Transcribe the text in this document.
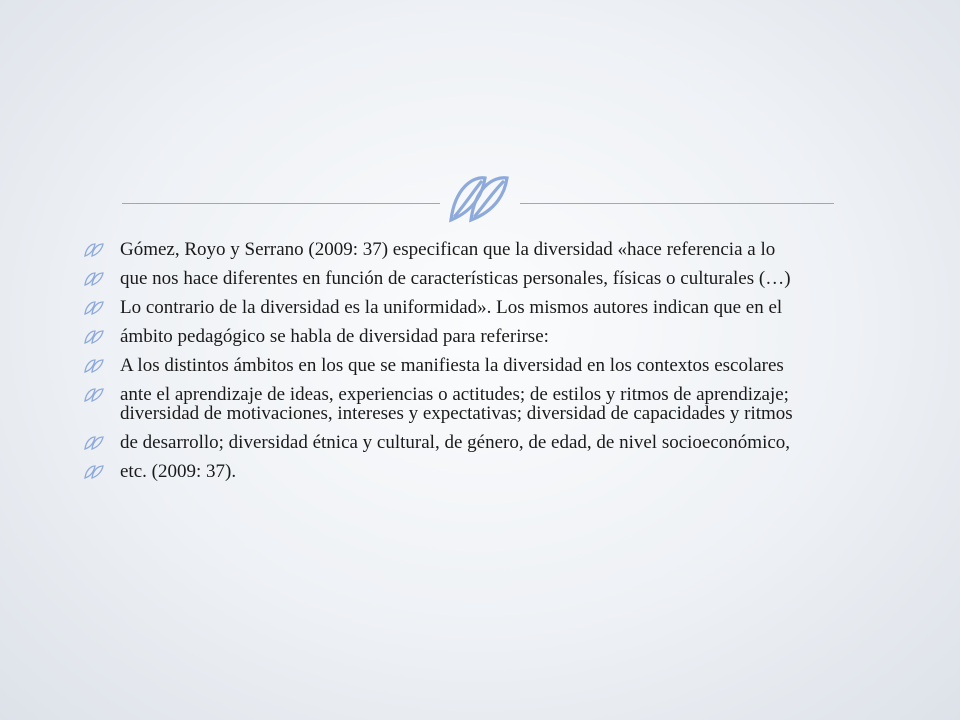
Gómez, Royo y Serrano (2009: 37) especifican que la diversidad «hace referencia a lo
que nos hace diferentes en función de características personales, físicas o culturales (…)
Lo contrario de la diversidad es la uniformidad». Los mismos autores indican que en el
ámbito pedagógico se habla de diversidad para referirse:
A los distintos ámbitos en los que se manifiesta la diversidad en los contextos escolares
ante el aprendizaje de ideas, experiencias o actitudes; de estilos y ritmos de aprendizaje; diversidad de motivaciones, intereses y expectativas; diversidad de capacidades y ritmos
de desarrollo; diversidad étnica y cultural, de género, de edad, de nivel socioeconómico,
etc. (2009: 37).
